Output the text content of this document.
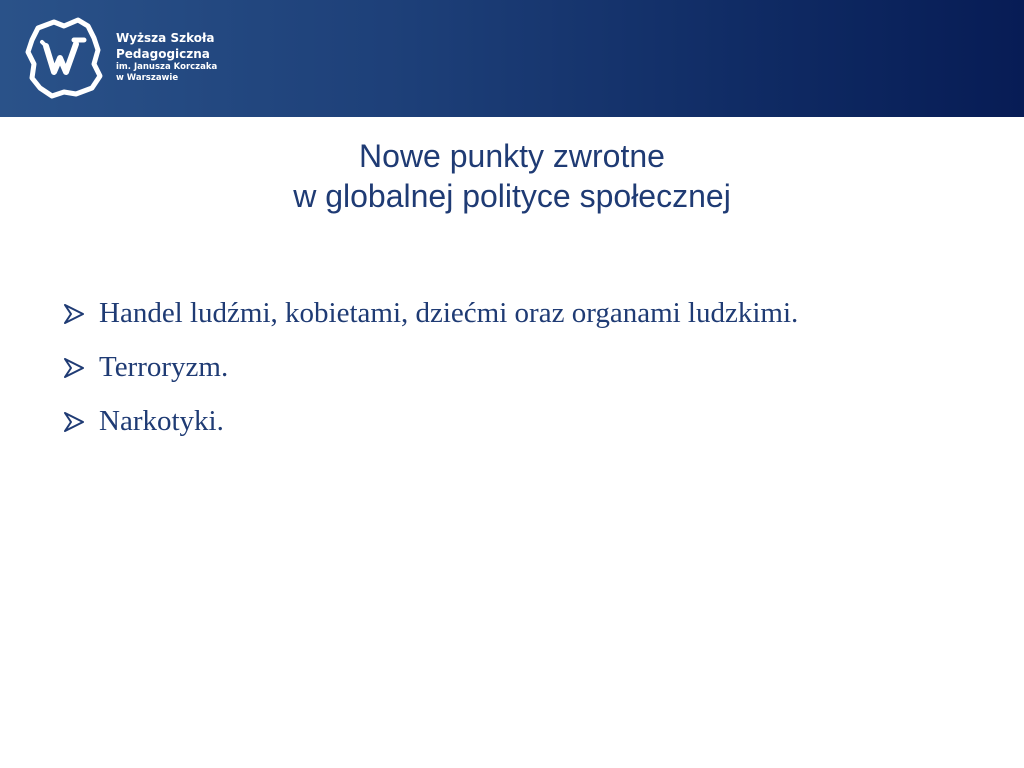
Wyższa Szkoła
Pedagogiczna
im. Janusza Korczaka
w Warszawie
Nowe punkty zwrotne
w globalnej polityce społecznej
Handel ludźmi, kobietami, dziećmi oraz organami ludzkimi.
Terroryzm.
Narkotyki.
